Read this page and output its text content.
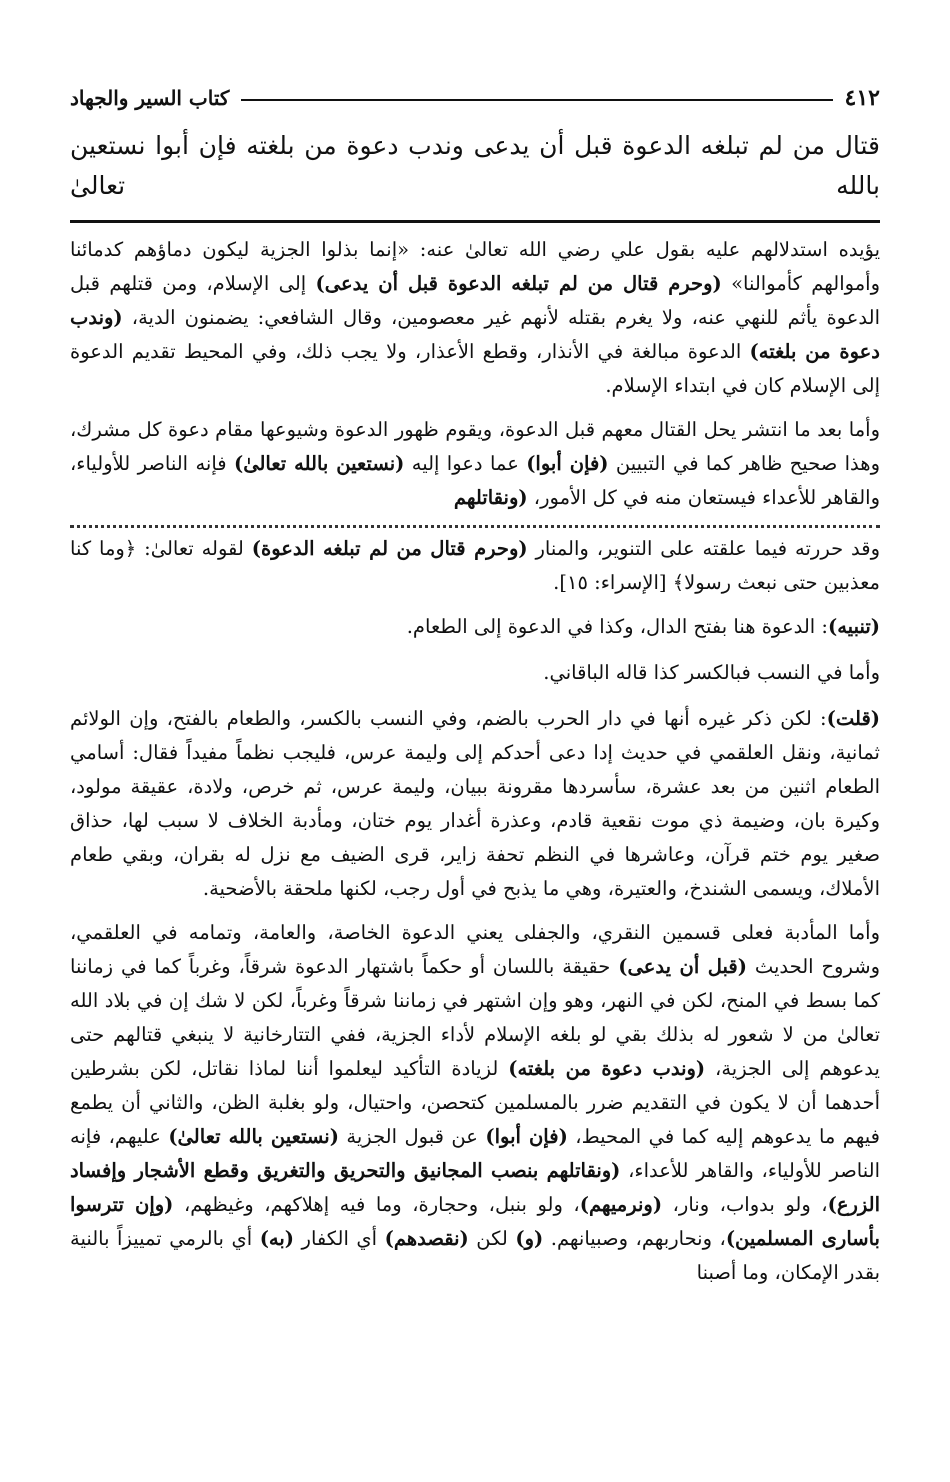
٤١٢
كتاب السير والجهاد
قتال من لم تبلغه الدعوة قبل أن يدعى وندب دعوة من بلغته فإن أبوا نستعين بالله تعالىٰ

يؤيده استدلالهم عليه بقول علي رضي الله تعالىٰ عنه: «إنما بذلوا الجزية ليكون دماؤهم كدمائنا وأموالهم كأموالنا» (وحرم قتال من لم تبلغه الدعوة قبل أن يدعى) إلى الإسلام، ومن قتلهم قبل الدعوة يأثم للنهي عنه، ولا يغرم بقتله لأنهم غير معصومين، وقال الشافعي: يضمنون الدية، (وندب دعوة من بلغته) الدعوة مبالغة في الأنذار، وقطع الأعذار، ولا يجب ذلك، وفي المحيط تقديم الدعوة إلى الإسلام كان في ابتداء الإسلام.

وأما بعد ما انتشر يحل القتال معهم قبل الدعوة، ويقوم ظهور الدعوة وشيوعها مقام دعوة كل مشرك، وهذا صحيح ظاهر كما في التبيين (فإن أبوا) عما دعوا إليه (نستعين بالله تعالىٰ) فإنه الناصر للأولياء، والقاهر للأعداء فيستعان منه في كل الأمور، (ونقاتلهم

وقد حررته فيما علقته على التنوير، والمنار (وحرم قتال من لم تبلغه الدعوة) لقوله تعالىٰ: ﴿وما كنا معذبين حتى نبعث رسولا﴾ [الإسراء: ١٥].

(تنبيه): الدعوة هنا بفتح الدال، وكذا في الدعوة إلى الطعام.

وأما في النسب فبالكسر كذا قاله الباقاني.

(قلت): لكن ذكر غيره أنها في دار الحرب بالضم، وفي النسب بالكسر، والطعام بالفتح، وإن الولائم ثمانية، ونقل العلقمي في حديث إدا دعى أحدكم إلى وليمة عرس، فليجب نظماً مفيداً فقال: أسامي الطعام اثنين من بعد عشرة، سأسردها مقرونة ببيان، وليمة عرس، ثم خرص، ولادة، عقيقة مولود، وكيرة بان، وضيمة ذي موت نقعية قادم، وعذرة أغدار يوم ختان، ومأدبة الخلاف لا سبب لها، حذاق صغير يوم ختم قرآن، وعاشرها في النظم تحفة زاير، قرى الضيف مع نزل له بقران، وبقي طعام الأملاك، ويسمى الشندخ، والعتيرة، وهي ما يذبح في أول رجب، لكنها ملحقة بالأضحية.

وأما المأدبة فعلى قسمين النقري، والجفلى يعني الدعوة الخاصة، والعامة، وتمامه في العلقمي، وشروح الحديث (قبل أن يدعى) حقيقة باللسان أو حكماً باشتهار الدعوة شرقاً، وغرباً كما في زماننا كما بسط في المنح، لكن في النهر، وهو وإن اشتهر في زماننا شرقاً وغرباً، لكن لا شك إن في بلاد الله تعالىٰ من لا شعور له بذلك بقي لو بلغه الإسلام لأداء الجزية، ففي التتارخانية لا ينبغي قتالهم حتى يدعوهم إلى الجزية، (وندب دعوة من بلغته) لزيادة التأكيد ليعلموا أننا لماذا نقاتل، لكن بشرطين أحدهما أن لا يكون في التقديم ضرر بالمسلمين كتحصن، واحتيال، ولو بغلبة الظن، والثاني أن يطمع فيهم ما يدعوهم إليه كما في المحيط، (فإن أبوا) عن قبول الجزية (نستعين بالله تعالىٰ) عليهم، فإنه الناصر للأولياء، والقاهر للأعداء، (ونقاتلهم بنصب المجانيق والتحريق والتغريق وقطع الأشجار وإفساد الزرع)، ولو بدواب، ونار، (ونرميهم)، ولو بنبل، وحجارة، وما فيه إهلاكهم، وغيظهم، (وإن تترسوا بأسارى المسلمين)، ونحاربهم، وصبيانهم. (و) لكن (نقصدهم) أي الكفار (به) أي بالرمي تمييزاً بالنية بقدر الإمكان، وما أصبنا
